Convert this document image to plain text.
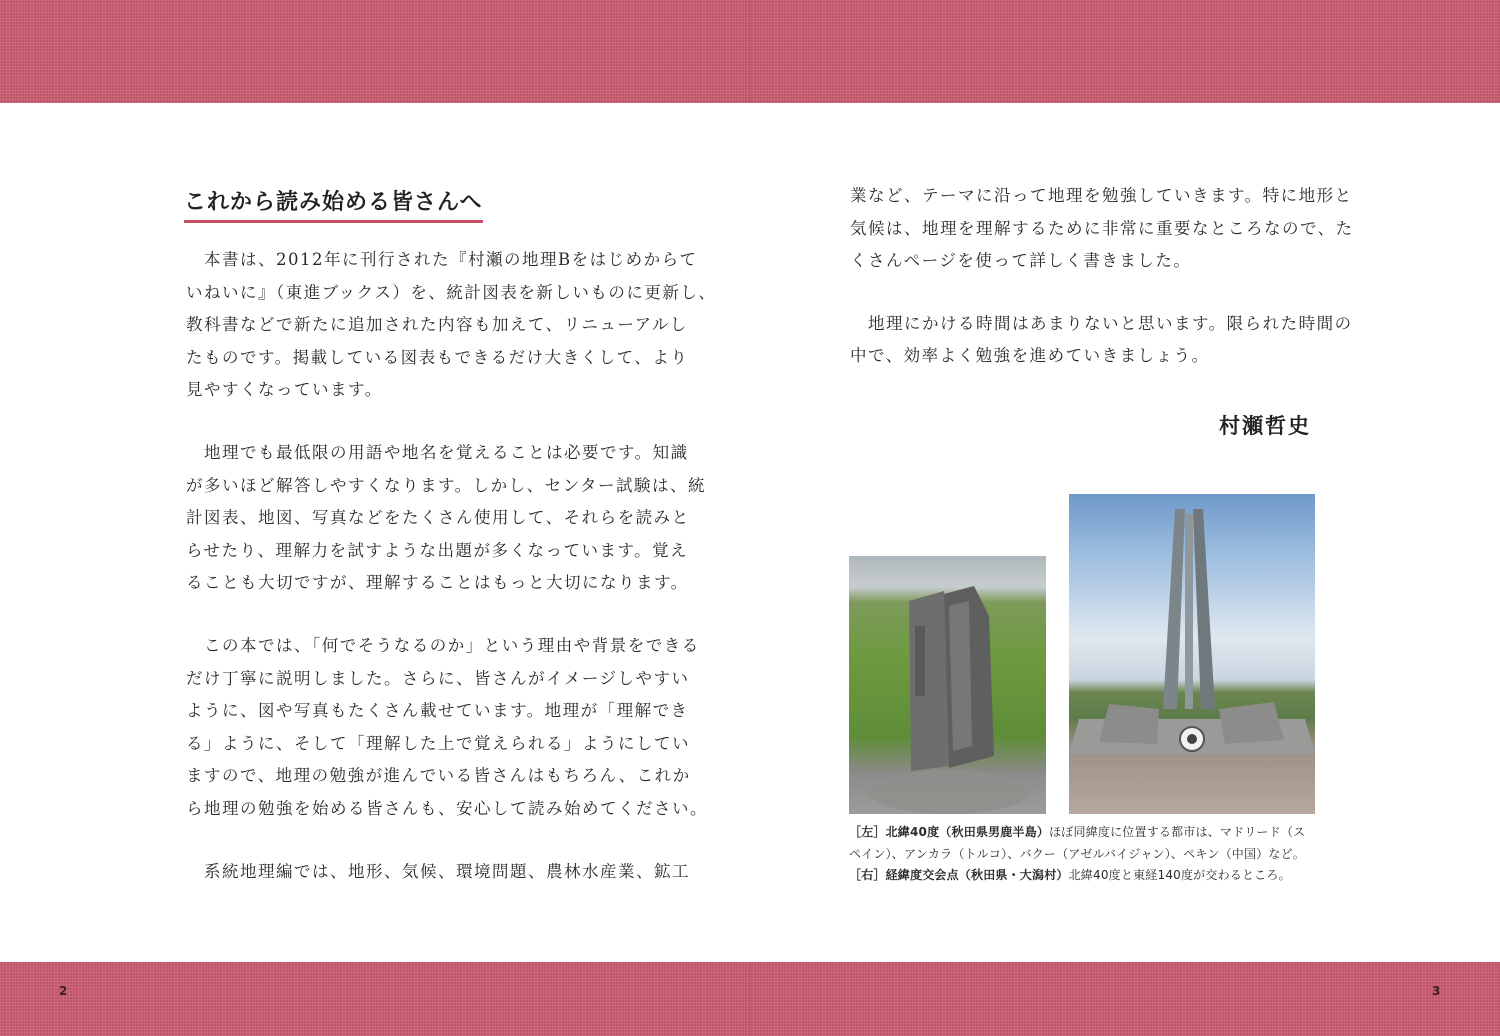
2	3
これから読み始める皆さんへ

　本書は、2012年に刊行された『村瀬の地理Bをはじめからて

いねいに』（東進ブックス）を、統計図表を新しいものに更新し、

教科書などで新たに追加された内容も加えて、リニューアルし

たものです。掲載している図表もできるだけ大きくして、より

見やすくなっています。

　地理でも最低限の用語や地名を覚えることは必要です。知識

が多いほど解答しやすくなります。しかし、センター試験は、統

計図表、地図、写真などをたくさん使用して、それらを読みと

らせたり、理解力を試すような出題が多くなっています。覚え

ることも大切ですが、理解することはもっと大切になります。

　この本では、「何でそうなるのか」という理由や背景をできる

だけ丁寧に説明しました。さらに、皆さんがイメージしやすい

ように、図や写真もたくさん載せています。地理が「理解でき

る」ように、そして「理解した上で覚えられる」ようにしてい

ますので、地理の勉強が進んでいる皆さんはもちろん、これか

ら地理の勉強を始める皆さんも、安心して読み始めてください。

　系統地理編では、地形、気候、環境問題、農林水産業、鉱工

業など、テーマに沿って地理を勉強していきます。特に地形と

気候は、地理を理解するために非常に重要なところなので、た

くさんページを使って詳しく書きました。

　地理にかける時間はあまりないと思います。限られた時間の

中で、効率よく勉強を進めていきましょう。

村瀬哲史

［左］北緯40度（秋田県男鹿半島）ほぼ同緯度に位置する都市は、マドリード（ス

ペイン）、アンカラ（トルコ）、バクー（アゼルバイジャン）、ペキン（中国）など。

［右］経緯度交会点（秋田県・大潟村）北緯40度と東経140度が交わるところ。
